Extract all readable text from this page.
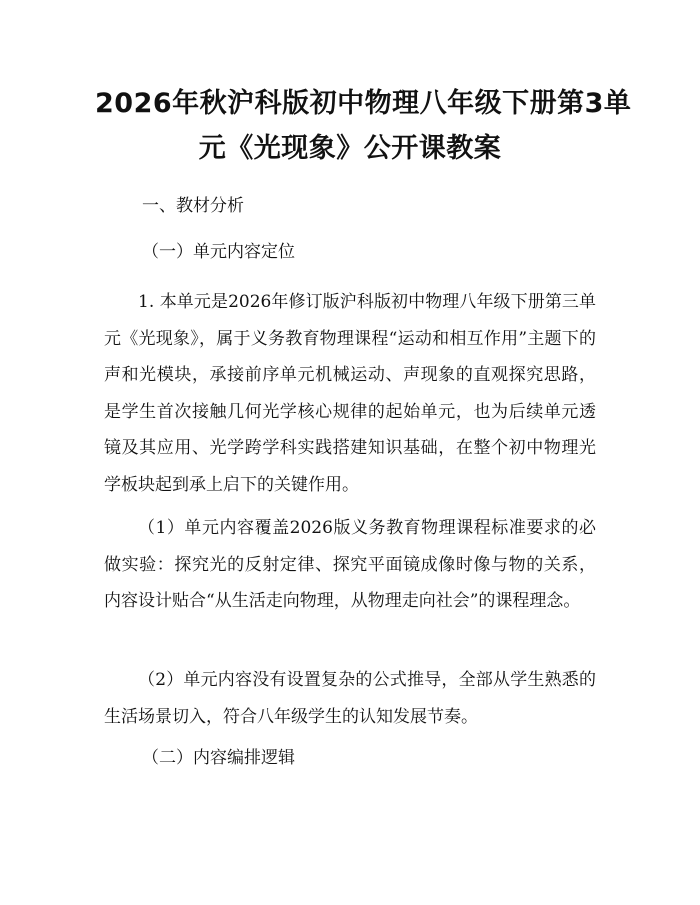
2026年秋沪科版初中物理八年级下册第3单
元《光现象》公开课教案

一、教材分析

（一）单元内容定位

1. 本单元是2026年修订版沪科版初中物理八年级下册第三单元《光现象》，属于义务教育物理课程“运动和相互作用”主题下的声和光模块，承接前序单元机械运动、声现象的直观探究思路，是学生首次接触几何光学核心规律的起始单元，也为后续单元透镜及其应用、光学跨学科实践搭建知识基础，在整个初中物理光学板块起到承上启下的关键作用。

（1）单元内容覆盖2026版义务教育物理课程标准要求的必做实验：探究光的反射定律、探究平面镜成像时像与物的关系，内容设计贴合“从生活走向物理，从物理走向社会”的课程理念。

（2）单元内容没有设置复杂的公式推导，全部从学生熟悉的生活场景切入，符合八年级学生的认知发展节奏。

（二）内容编排逻辑
